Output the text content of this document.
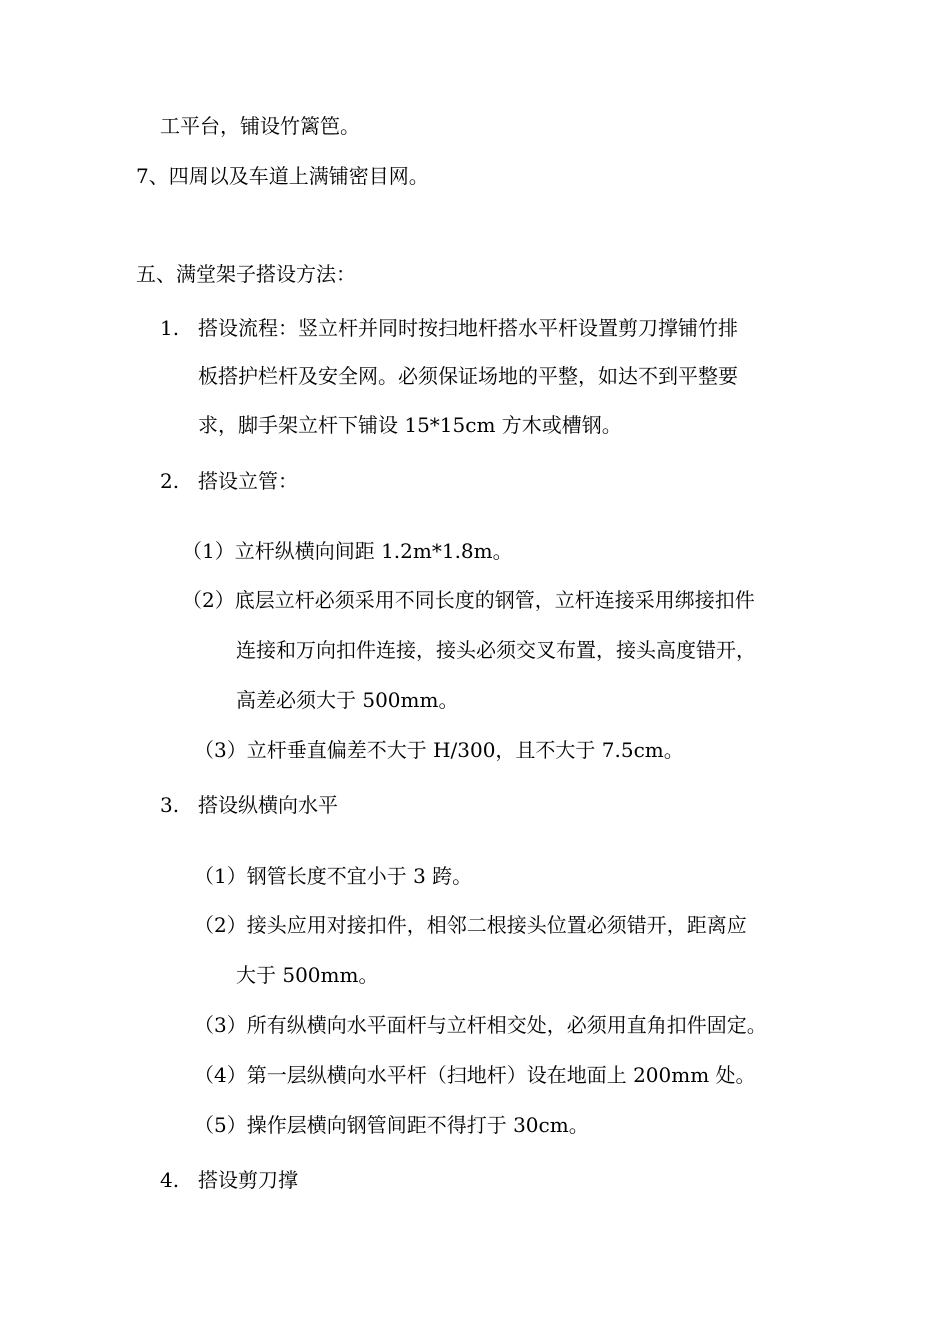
工平台，铺设竹篱笆。
7、四周以及车道上满铺密目网。
五、满堂架子搭设方法：
1. 搭设流程：竖立杆并同时按扫地杆搭水平杆设置剪刀撑铺竹排
板搭护栏杆及安全网。必须保证场地的平整，如达不到平整要
求，脚手架立杆下铺设 15*15cm 方木或槽钢。
2. 搭设立管：
（1）立杆纵横向间距 1.2m*1.8m。
（2）底层立杆必须采用不同长度的钢管，立杆连接采用绑接扣件
连接和万向扣件连接，接头必须交叉布置，接头高度错开，
高差必须大于 500mm。
（3）立杆垂直偏差不大于 H/300，且不大于 7.5cm。
3. 搭设纵横向水平
（1）钢管长度不宜小于 3 跨。
（2）接头应用对接扣件，相邻二根接头位置必须错开，距离应
大于 500mm。
（3）所有纵横向水平面杆与立杆相交处，必须用直角扣件固定。
（4）第一层纵横向水平杆（扫地杆）设在地面上 200mm 处。
（5）操作层横向钢管间距不得打于 30cm。
4. 搭设剪刀撑
